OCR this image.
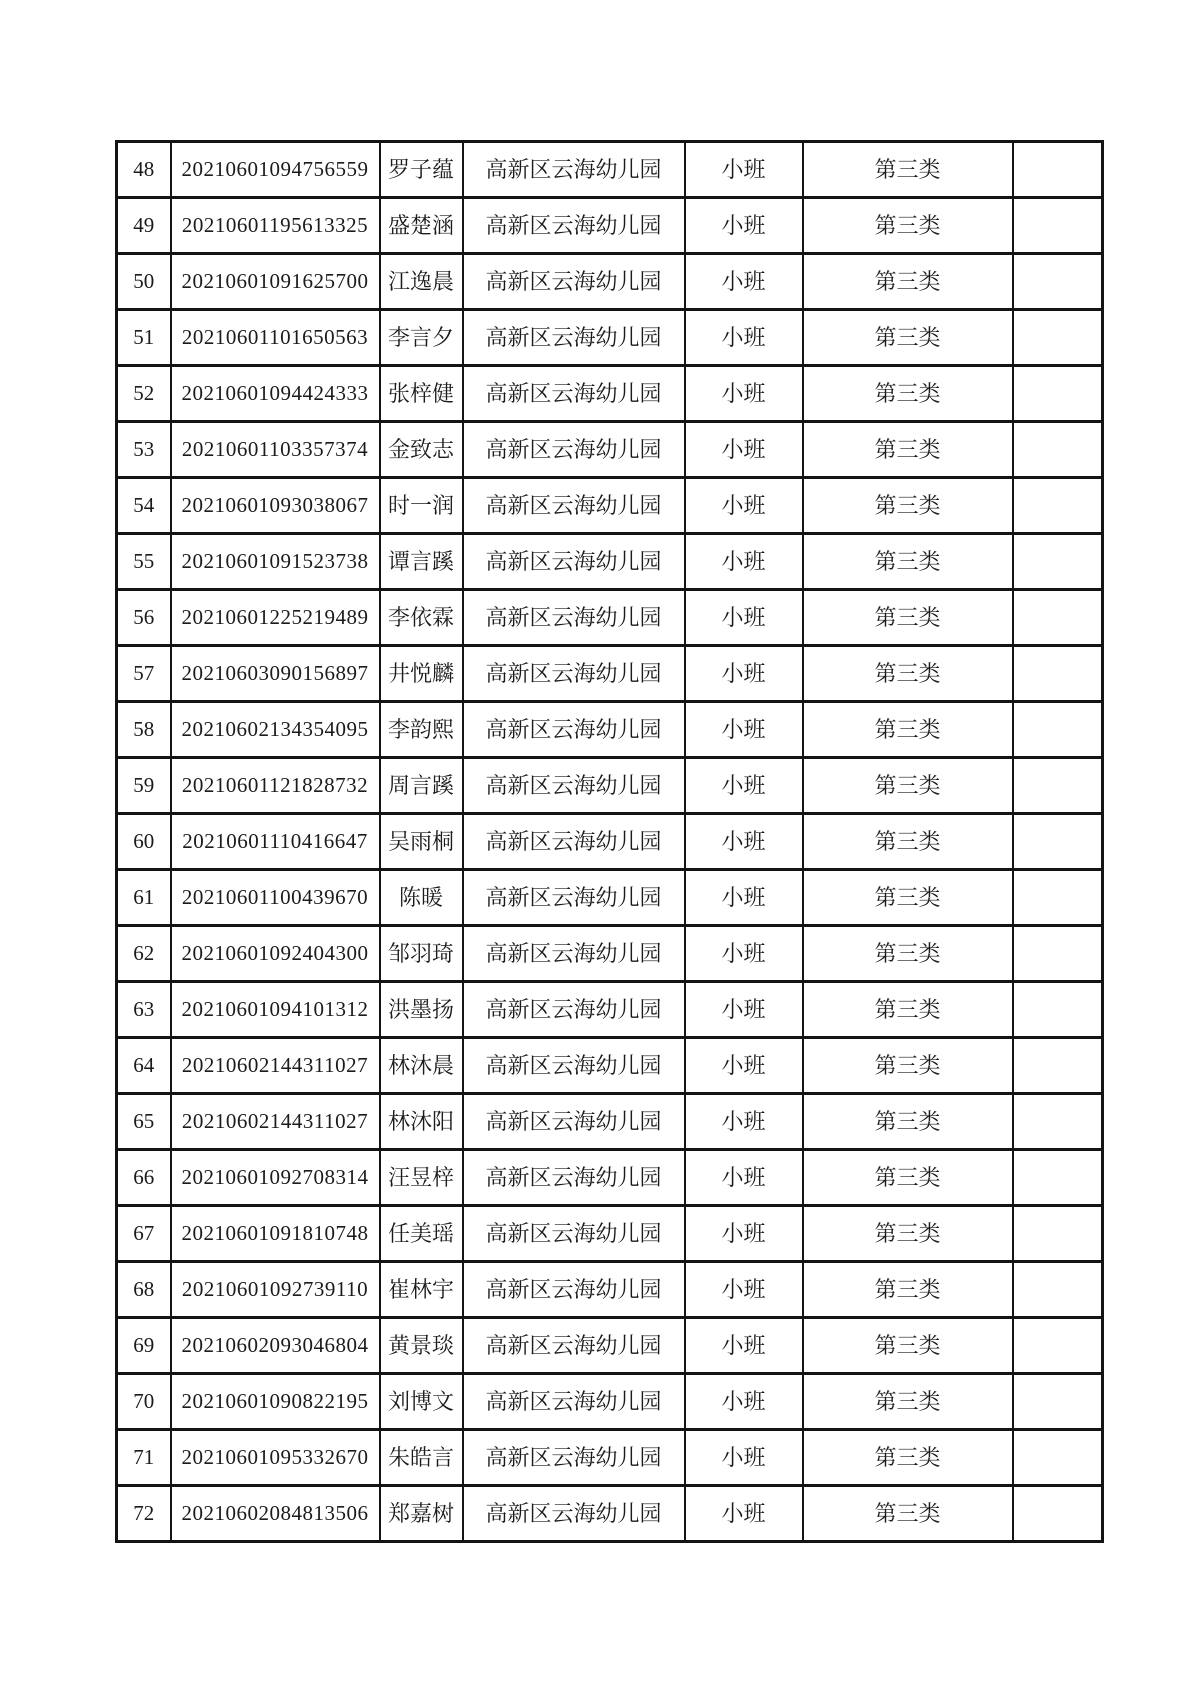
48	20210601094756559	罗子蕴	高新区云海幼儿园	小班	第三类	
49	20210601195613325	盛楚涵	高新区云海幼儿园	小班	第三类	
50	20210601091625700	江逸晨	高新区云海幼儿园	小班	第三类	
51	20210601101650563	李言夕	高新区云海幼儿园	小班	第三类	
52	20210601094424333	张梓健	高新区云海幼儿园	小班	第三类	
53	20210601103357374	金致志	高新区云海幼儿园	小班	第三类	
54	20210601093038067	时一润	高新区云海幼儿园	小班	第三类	
55	20210601091523738	谭言蹊	高新区云海幼儿园	小班	第三类	
56	20210601225219489	李依霖	高新区云海幼儿园	小班	第三类	
57	20210603090156897	井悦麟	高新区云海幼儿园	小班	第三类	
58	20210602134354095	李韵熙	高新区云海幼儿园	小班	第三类	
59	20210601121828732	周言蹊	高新区云海幼儿园	小班	第三类	
60	20210601110416647	吴雨桐	高新区云海幼儿园	小班	第三类	
61	20210601100439670	陈暖	高新区云海幼儿园	小班	第三类	
62	20210601092404300	邹羽琦	高新区云海幼儿园	小班	第三类	
63	20210601094101312	洪墨扬	高新区云海幼儿园	小班	第三类	
64	20210602144311027	林沐晨	高新区云海幼儿园	小班	第三类	
65	20210602144311027	林沐阳	高新区云海幼儿园	小班	第三类	
66	20210601092708314	汪昱梓	高新区云海幼儿园	小班	第三类	
67	20210601091810748	任美瑶	高新区云海幼儿园	小班	第三类	
68	20210601092739110	崔林宇	高新区云海幼儿园	小班	第三类	
69	20210602093046804	黄景琰	高新区云海幼儿园	小班	第三类	
70	20210601090822195	刘博文	高新区云海幼儿园	小班	第三类	
71	20210601095332670	朱皓言	高新区云海幼儿园	小班	第三类	
72	20210602084813506	郑嘉树	高新区云海幼儿园	小班	第三类	
